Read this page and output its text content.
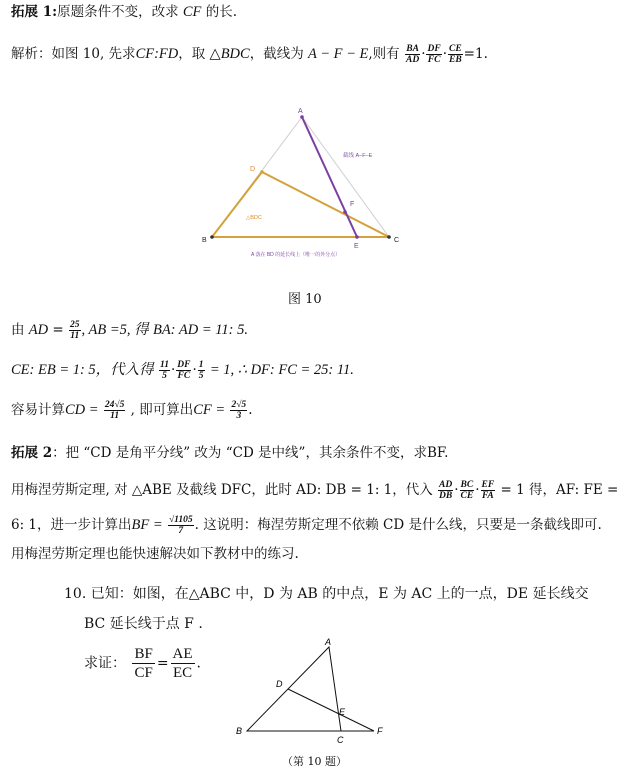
拓展 1:原题条件不变，改求 CF 的长.
解析：如图 10, 先求CF:FD，取 △BDC，截线为 A − F − E,则有 $\frac{BA}{AD} \cdot \frac{DF}{FC} \cdot \frac{CE}{EB} =1$.
A
D
B	C
E
F
截线 A–F–E
△BDC
A 落在 BD 的延长线上（唯一的外分点）
图 10
由 AD = $\frac{25}{11}$ , AB =5, 得 BA: AD = 11: 5.
CE: EB = 1: 5，代入得 $\frac{11}{5} \cdot \frac{DF}{FC} \cdot \frac{1}{5} = 1$, ∴ DF: FC = 25: 11.
容易计算CD = $\frac{24√5}{11}$ , 即可算出CF = $\frac{2√5}{3}$ .
拓展 2：把 “CD 是角平分线” 改为 “CD 是中线”，其余条件不变，求BF.
用梅涅劳斯定理, 对 △ABE 及截线 DFC，此时 AD: DB = 1: 1，代入 $\frac{AD}{DB} \cdot \frac{BC}{CE} \cdot \frac{EF}{FA} = 1$ 得，AF: FE =
6: 1，进一步计算出BF = $\frac{√1105}{7}$ . 这说明：梅涅劳斯定理不依赖 CD 是什么线，只要是一条截线即可.
用梅涅劳斯定理也能快速解决如下教材中的练习.
10. 已知：如图，在△ABC 中，D 为 AB 的中点，E 为 AC 上的一点，DE 延长线交
BC 延长线于点 F .
求证： $\frac{BF}{CF} = \frac{AE}{EC}$ .
A
B
C
D
E
F
（第 10 题）
